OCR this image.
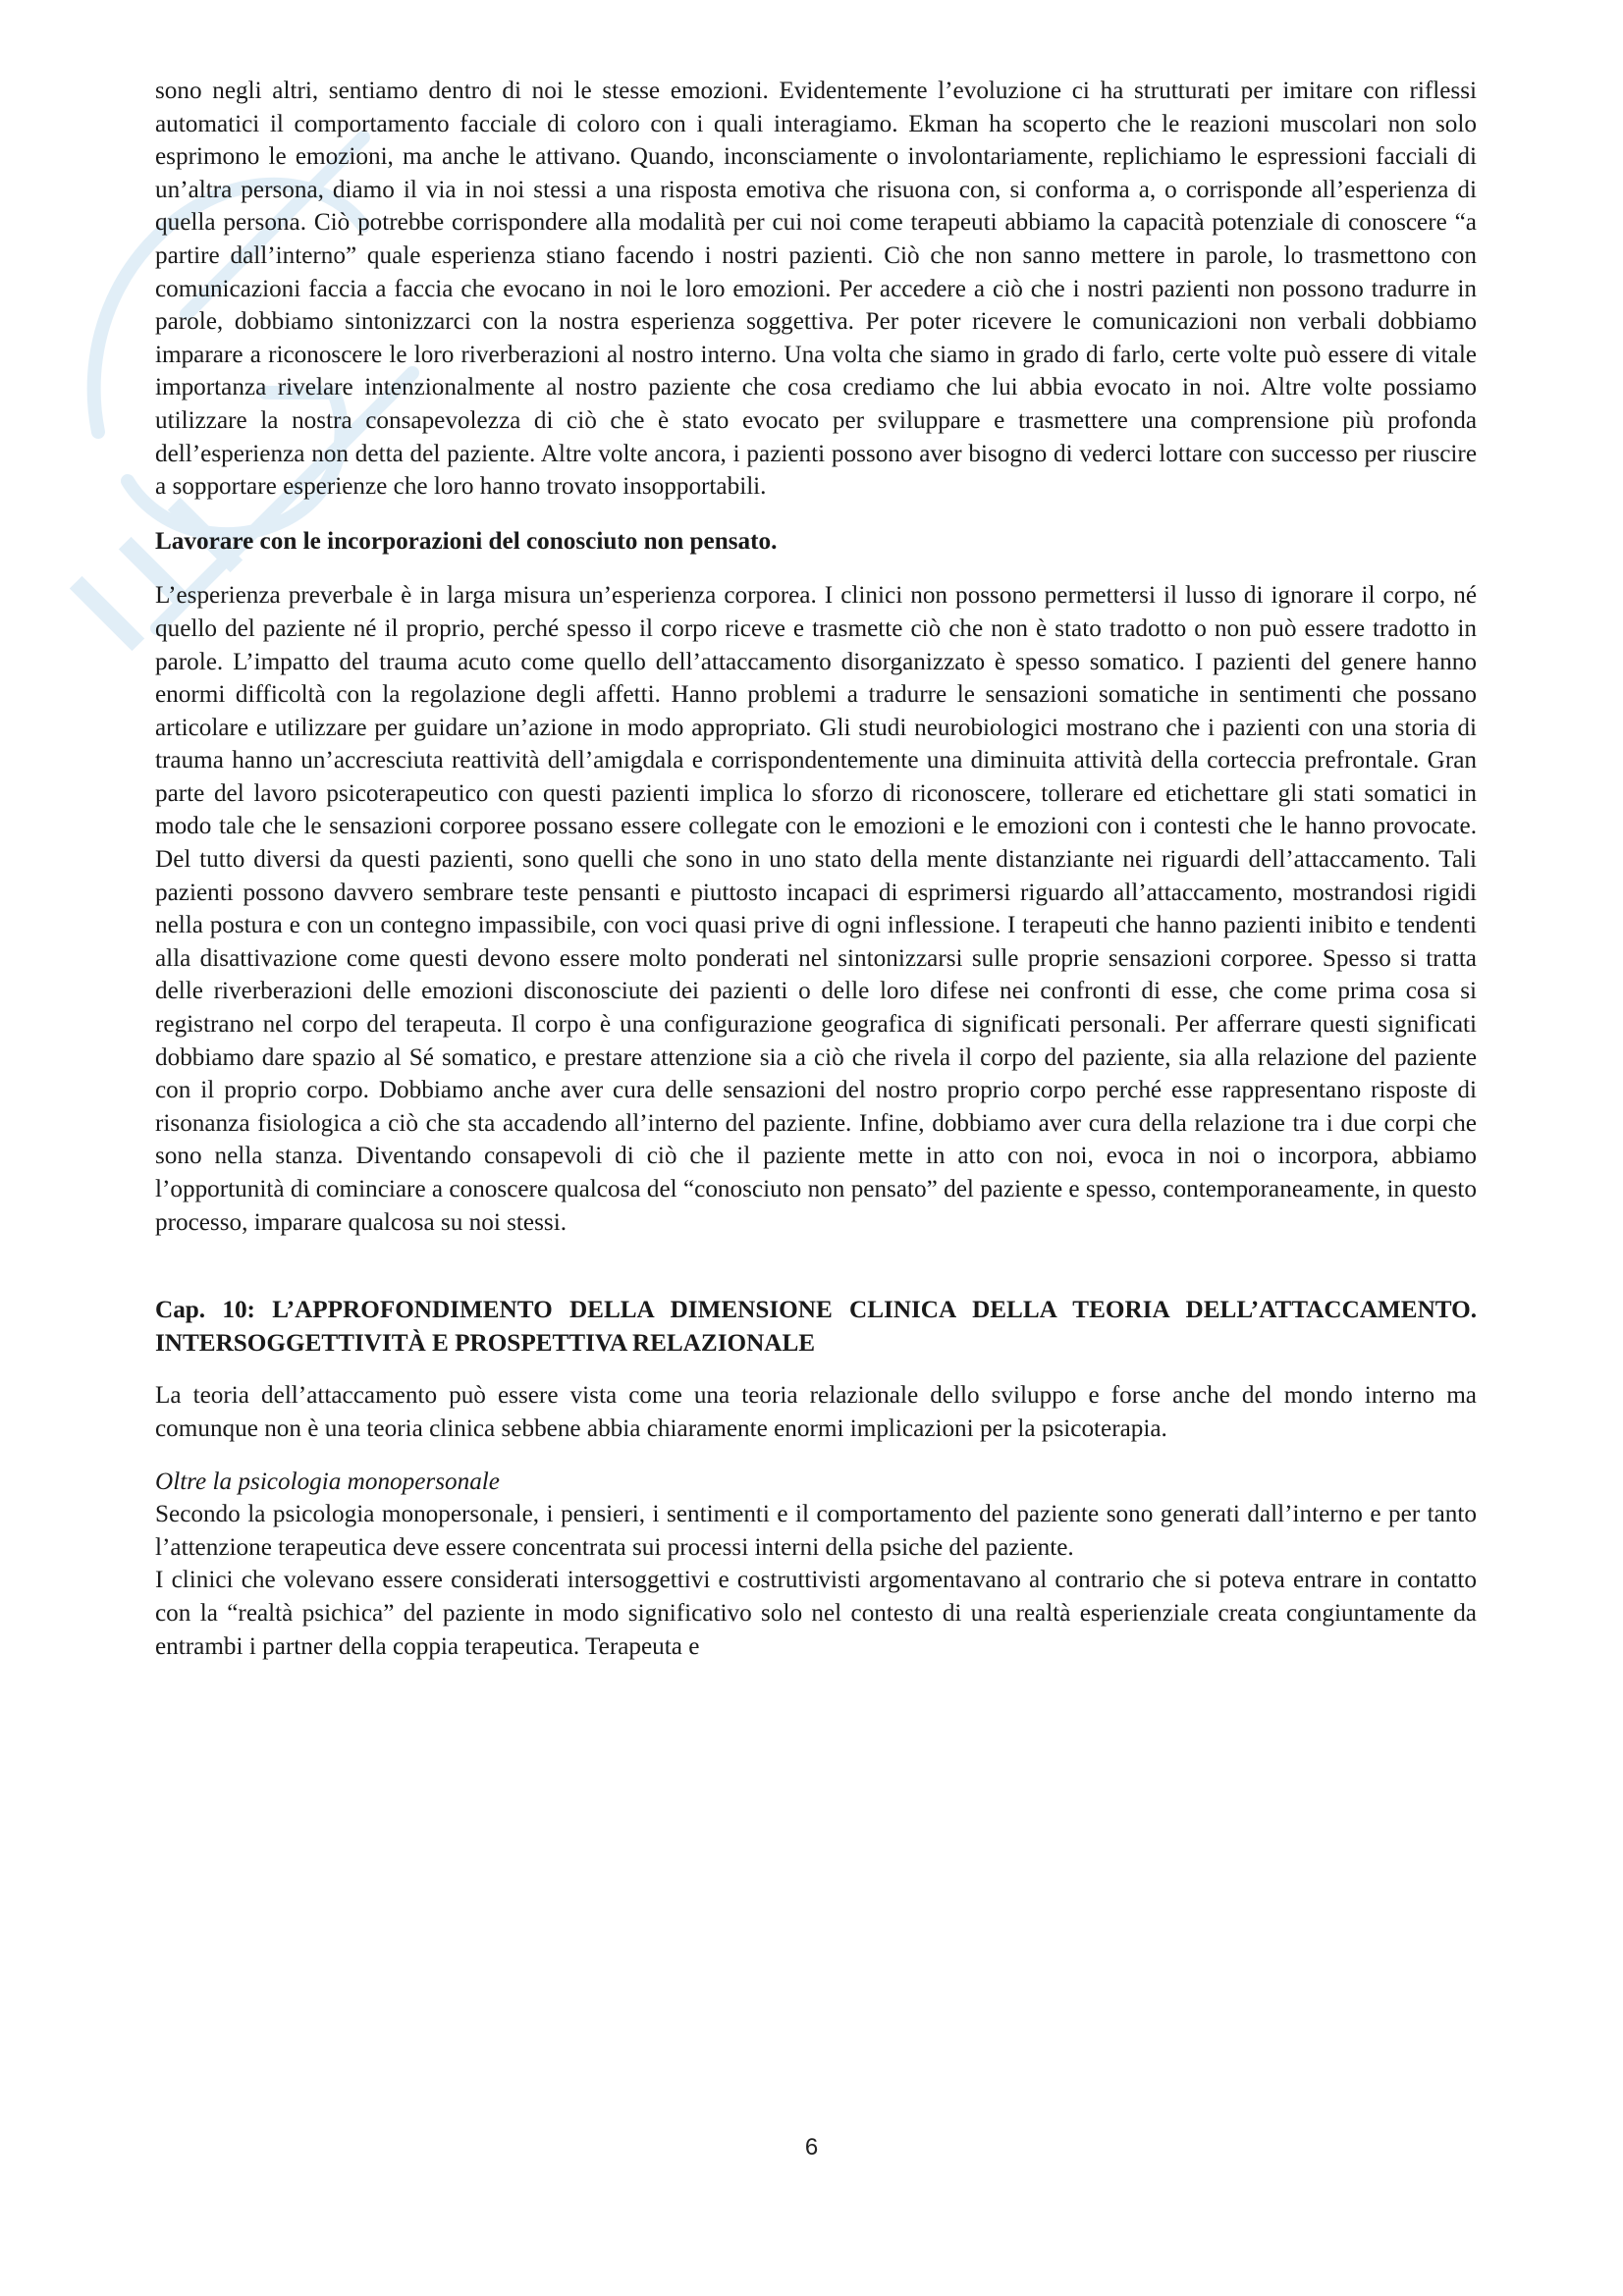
sono negli altri, sentiamo dentro di noi le stesse emozioni. Evidentemente l’evoluzione ci ha strutturati per imitare con riflessi automatici il comportamento facciale di coloro con i quali interagiamo. Ekman ha scoperto che le reazioni muscolari non solo esprimono le emozioni, ma anche le attivano. Quando, inconsciamente o involontariamente, replichiamo le espressioni facciali di un’altra persona, diamo il via in noi stessi a una risposta emotiva che risuona con, si conforma a, o corrisponde all’esperienza di quella persona. Ciò potrebbe corrispondere alla modalità per cui noi come terapeuti abbiamo la capacità potenziale di conoscere “a partire dall’interno” quale esperienza stiano facendo i nostri pazienti. Ciò che non sanno mettere in parole, lo trasmettono con comunicazioni faccia a faccia che evocano in noi le loro emozioni. Per accedere a ciò che i nostri pazienti non possono tradurre in parole, dobbiamo sintonizzarci con la nostra esperienza soggettiva. Per poter ricevere le comunicazioni non verbali dobbiamo imparare a riconoscere le loro riverberazioni al nostro interno. Una volta che siamo in grado di farlo, certe volte può essere di vitale importanza rivelare intenzionalmente al nostro paziente che cosa crediamo che lui abbia evocato in noi. Altre volte possiamo utilizzare la nostra consapevolezza di ciò che è stato evocato per sviluppare e trasmettere una comprensione più profonda dell’esperienza non detta del paziente. Altre volte ancora, i pazienti possono aver bisogno di vederci lottare con successo per riuscire a sopportare esperienze che loro hanno trovato insopportabili.

Lavorare con le incorporazioni del conosciuto non pensato.

L’esperienza preverbale è in larga misura un’esperienza corporea. I clinici non possono permettersi il lusso di ignorare il corpo, né quello del paziente né il proprio, perché spesso il corpo riceve e trasmette ciò che non è stato tradotto o non può essere tradotto in parole. L’impatto del trauma acuto come quello dell’attaccamento disorganizzato è spesso somatico. I pazienti del genere hanno enormi difficoltà con la regolazione degli affetti. Hanno problemi a tradurre le sensazioni somatiche in sentimenti che possano articolare e utilizzare per guidare un’azione in modo appropriato. Gli studi neurobiologici mostrano che i pazienti con una storia di trauma hanno un’accresciuta reattività dell’amigdala e corrispondentemente una diminuita attività della corteccia prefrontale. Gran parte del lavoro psicoterapeutico con questi pazienti implica lo sforzo di riconoscere, tollerare ed etichettare gli stati somatici in modo tale che le sensazioni corporee possano essere collegate con le emozioni e le emozioni con i contesti che le hanno provocate. Del tutto diversi da questi pazienti, sono quelli che sono in uno stato della mente distanziante nei riguardi dell’attaccamento. Tali pazienti possono davvero sembrare teste pensanti e piuttosto incapaci di esprimersi riguardo all’attaccamento, mostrandosi rigidi nella postura e con un contegno impassibile, con voci quasi prive di ogni inflessione. I terapeuti che hanno pazienti inibito e tendenti alla disattivazione come questi devono essere molto ponderati nel sintonizzarsi sulle proprie sensazioni corporee. Spesso si tratta delle riverberazioni delle emozioni disconosciute dei pazienti o delle loro difese nei confronti di esse, che come prima cosa si registrano nel corpo del terapeuta. Il corpo è una configurazione geografica di significati personali. Per afferrare questi significati dobbiamo dare spazio al Sé somatico, e prestare attenzione sia a ciò che rivela il corpo del paziente, sia alla relazione del paziente con il proprio corpo. Dobbiamo anche aver cura delle sensazioni del nostro proprio corpo perché esse rappresentano risposte di risonanza fisiologica a ciò che sta accadendo all’interno del paziente. Infine, dobbiamo aver cura della relazione tra i due corpi che sono nella stanza. Diventando consapevoli di ciò che il paziente mette in atto con noi, evoca in noi o incorpora, abbiamo l’opportunità di cominciare a conoscere qualcosa del “conosciuto non pensato” del paziente e spesso, contemporaneamente, in questo processo, imparare qualcosa su noi stessi.

Cap. 10: L’APPROFONDIMENTO DELLA DIMENSIONE CLINICA DELLA TEORIA DELL’ATTACCAMENTO. INTERSOGGETTIVITÀ E PROSPETTIVA RELAZIONALE

La teoria dell’attaccamento può essere vista come una teoria relazionale dello sviluppo e forse anche del mondo interno ma comunque non è una teoria clinica sebbene abbia chiaramente enormi implicazioni per la psicoterapia.

Oltre la psicologia monopersonale

Secondo la psicologia monopersonale, i pensieri, i sentimenti e il comportamento del paziente sono generati dall’interno e per tanto l’attenzione terapeutica deve essere concentrata sui processi interni della psiche del paziente.

I clinici che volevano essere considerati intersoggettivi e costruttivisti argomentavano al contrario che si poteva entrare in contatto con la “realtà psichica” del paziente in modo significativo solo nel contesto di una realtà esperienziale creata congiuntamente da entrambi i partner della coppia terapeutica. Terapeuta e

6
